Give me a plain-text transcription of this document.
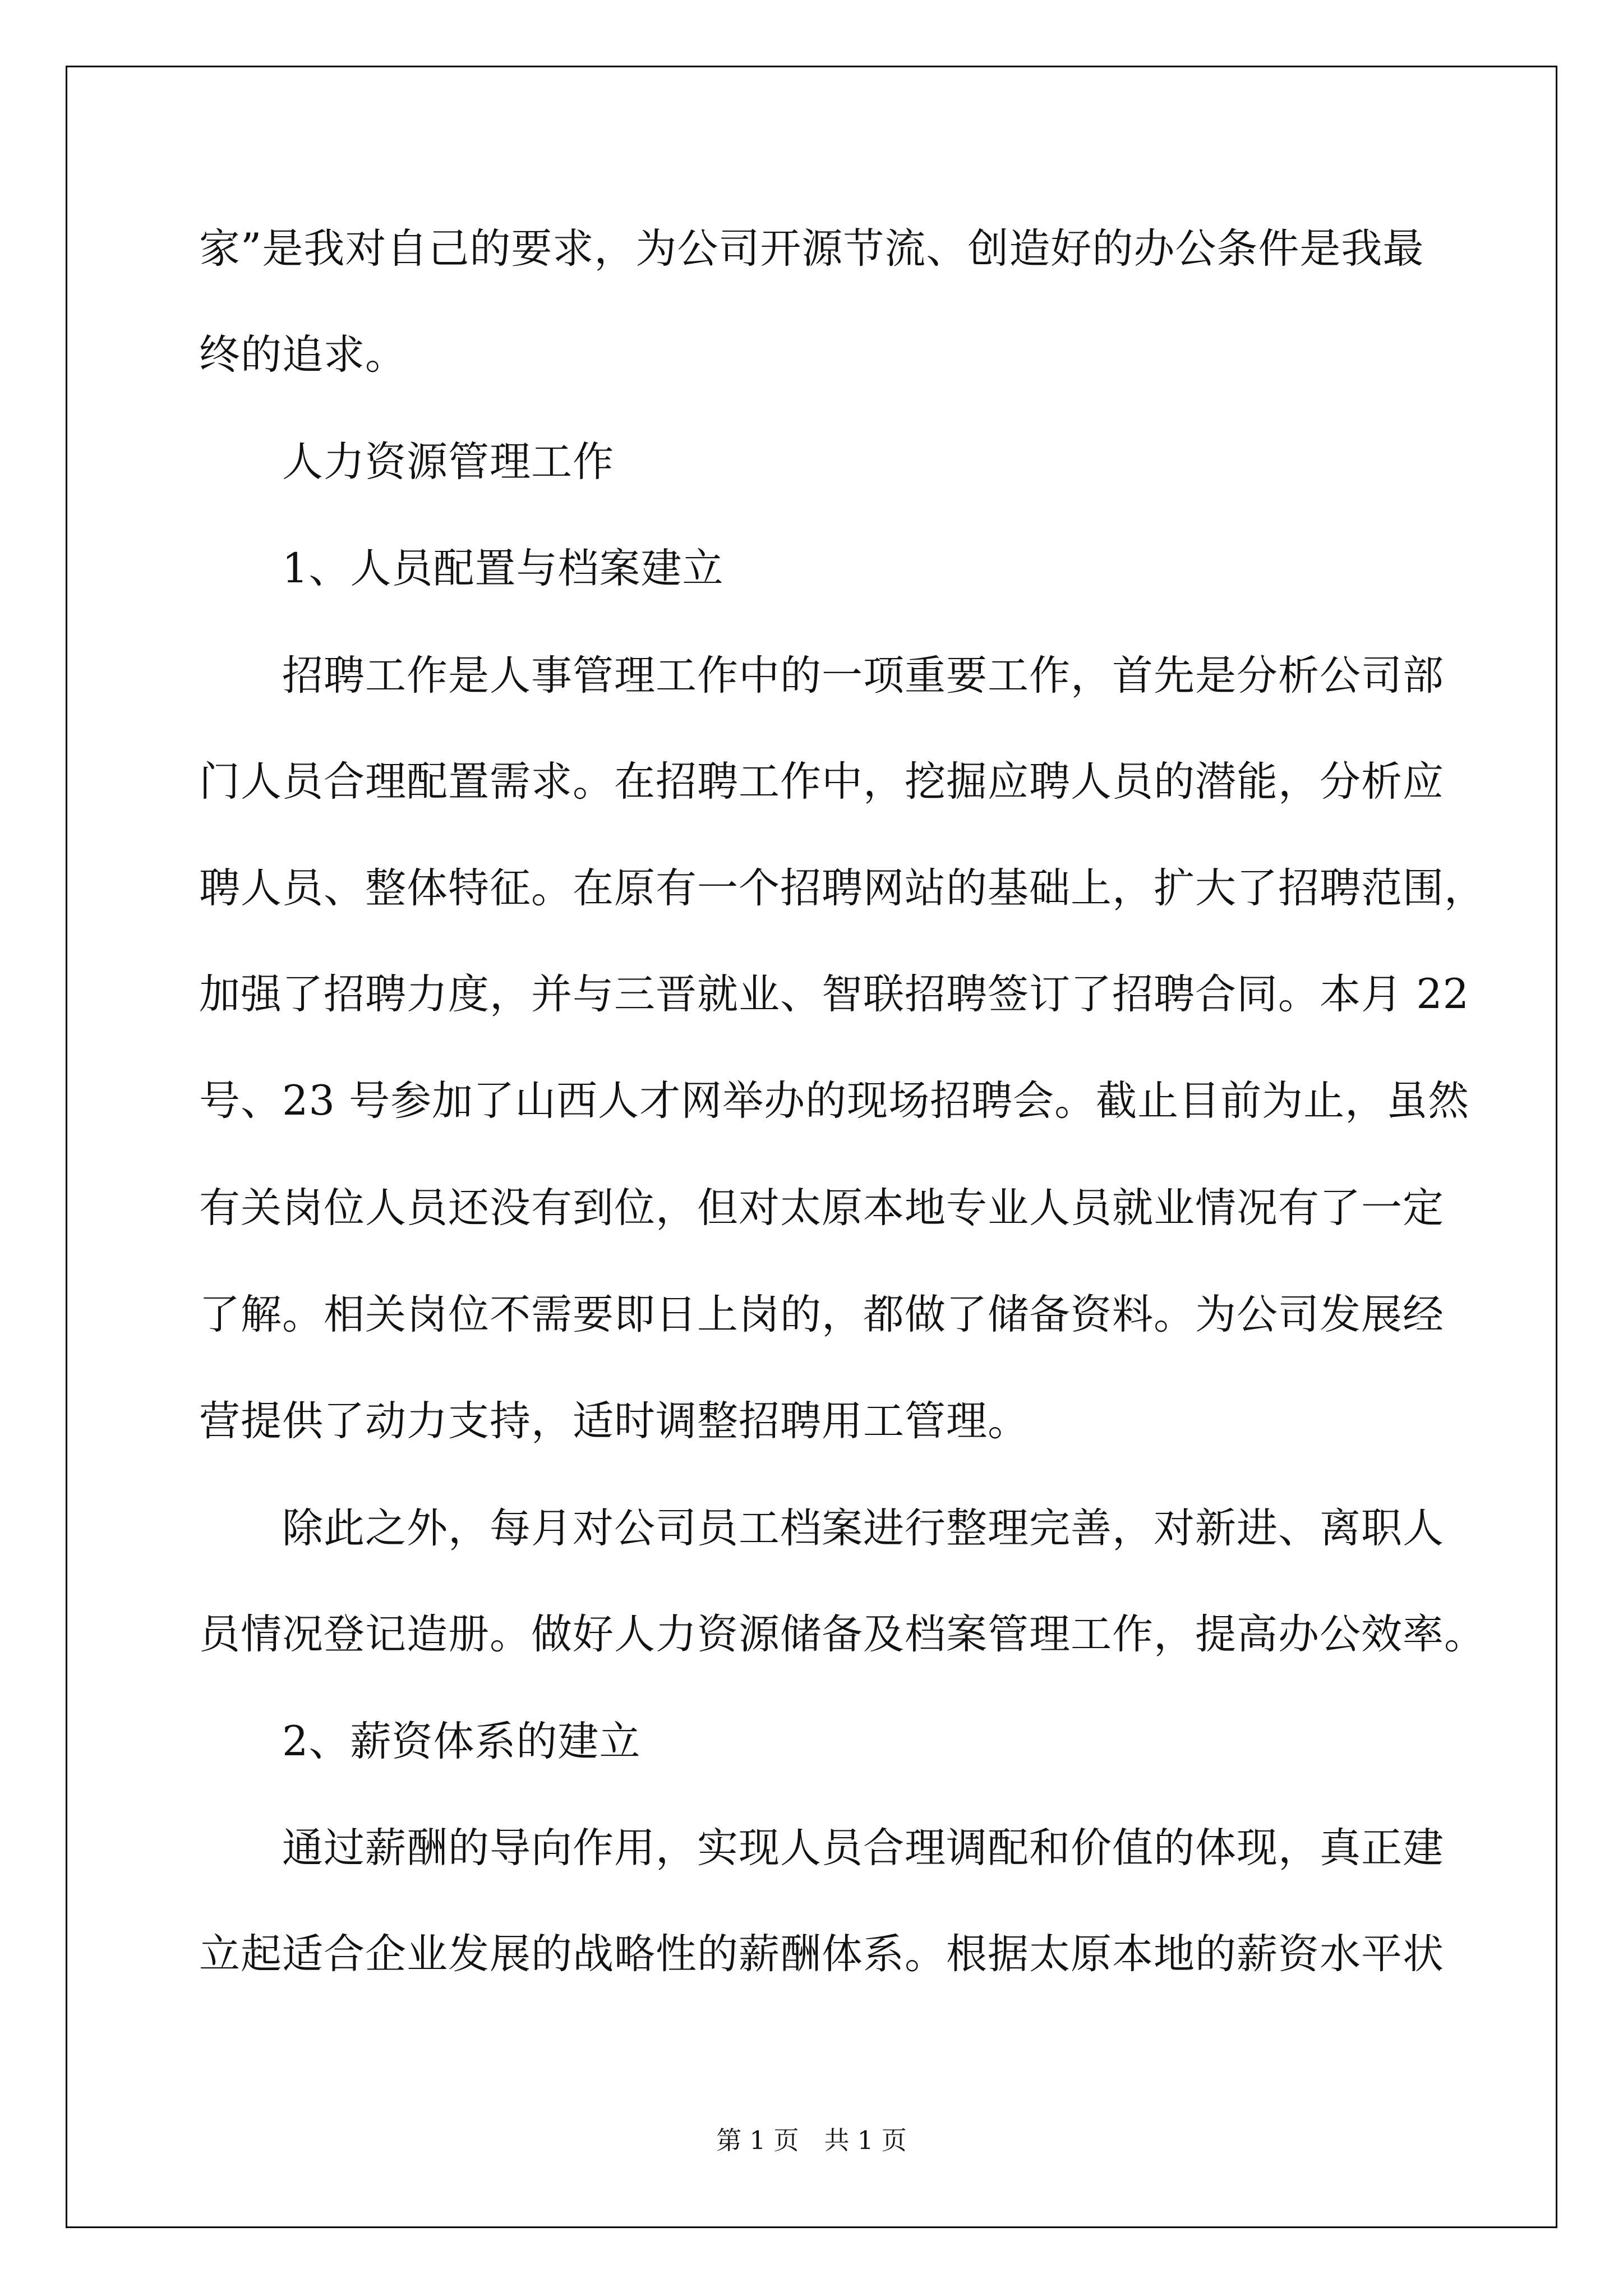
家”是我对自己的要求，为公司开源节流、创造好的办公条件是我最
终的追求。
人力资源管理工作
1、人员配置与档案建立
招聘工作是人事管理工作中的一项重要工作，首先是分析公司部
门人员合理配置需求。在招聘工作中，挖掘应聘人员的潜能，分析应
聘人员、整体特征。在原有一个招聘网站的基础上，扩大了招聘范围，
加强了招聘力度，并与三晋就业、智联招聘签订了招聘合同。本月 22
号、23 号参加了山西人才网举办的现场招聘会。截止目前为止，虽然
有关岗位人员还没有到位，但对太原本地专业人员就业情况有了一定
了解。相关岗位不需要即日上岗的，都做了储备资料。为公司发展经
营提供了动力支持，适时调整招聘用工管理。
除此之外，每月对公司员工档案进行整理完善，对新进、离职人
员情况登记造册。做好人力资源储备及档案管理工作，提高办公效率。
2、薪资体系的建立
通过薪酬的导向作用，实现人员合理调配和价值的体现，真正建
立起适合企业发展的战略性的薪酬体系。根据太原本地的薪资水平状
第 1 页　共 1 页
